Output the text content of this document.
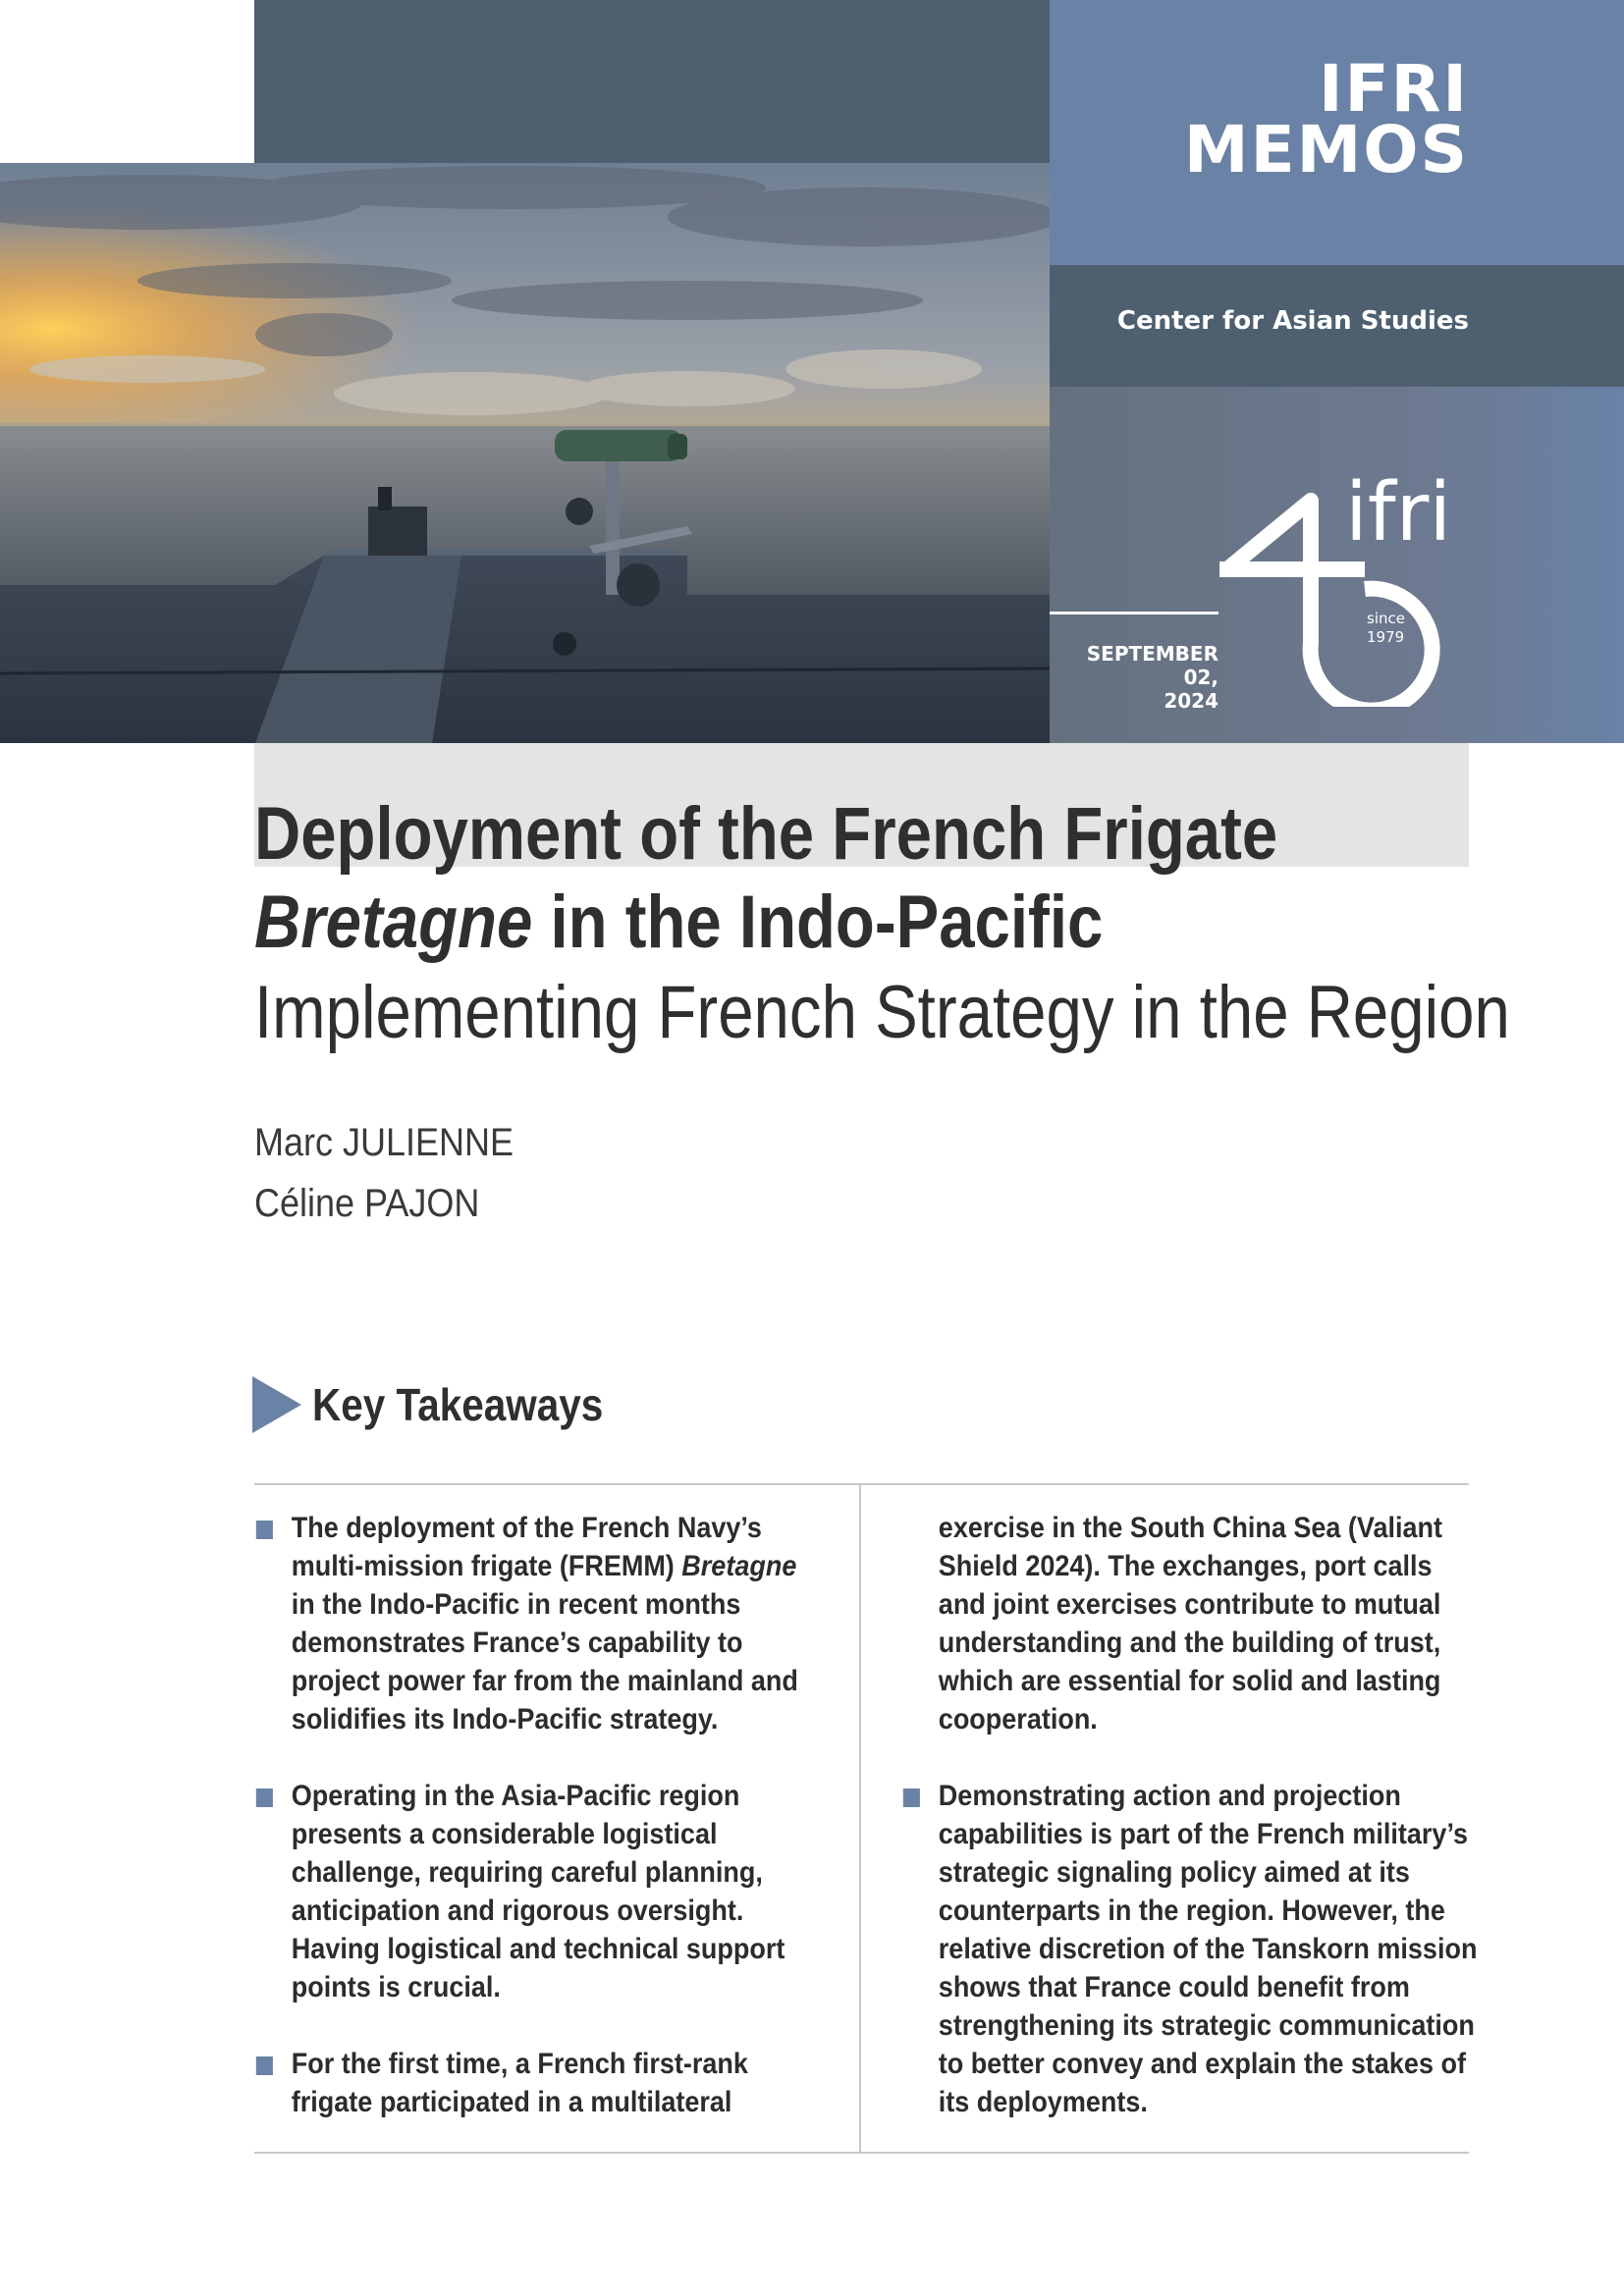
IFRI
MEMOS
Center for Asian Studies
SEPTEMBER 02,
2024
ifri
since
1979
Deployment of the French Frigate
Bretagne in the Indo-Pacific
Implementing French Strategy in the Region
Marc JULIENNE
Céline PAJON
Key Takeaways
The deployment of the French Navy’s
multi-mission frigate (FREMM) Bretagne
in the Indo-Pacific in recent months
demonstrates France’s capability to
project power far from the mainland and
solidifies its Indo-Pacific strategy.
Operating in the Asia-Pacific region
presents a considerable logistical
challenge, requiring careful planning,
anticipation and rigorous oversight.
Having logistical and technical support
points is crucial.
For the first time, a French first-rank
frigate participated in a multilateral
exercise in the South China Sea (Valiant
Shield 2024). The exchanges, port calls
and joint exercises contribute to mutual
understanding and the building of trust,
which are essential for solid and lasting
cooperation.
Demonstrating action and projection
capabilities is part of the French military’s
strategic signaling policy aimed at its
counterparts in the region. However, the
relative discretion of the Tanskorn mission
shows that France could benefit from
strengthening its strategic communication
to better convey and explain the stakes of
its deployments.
